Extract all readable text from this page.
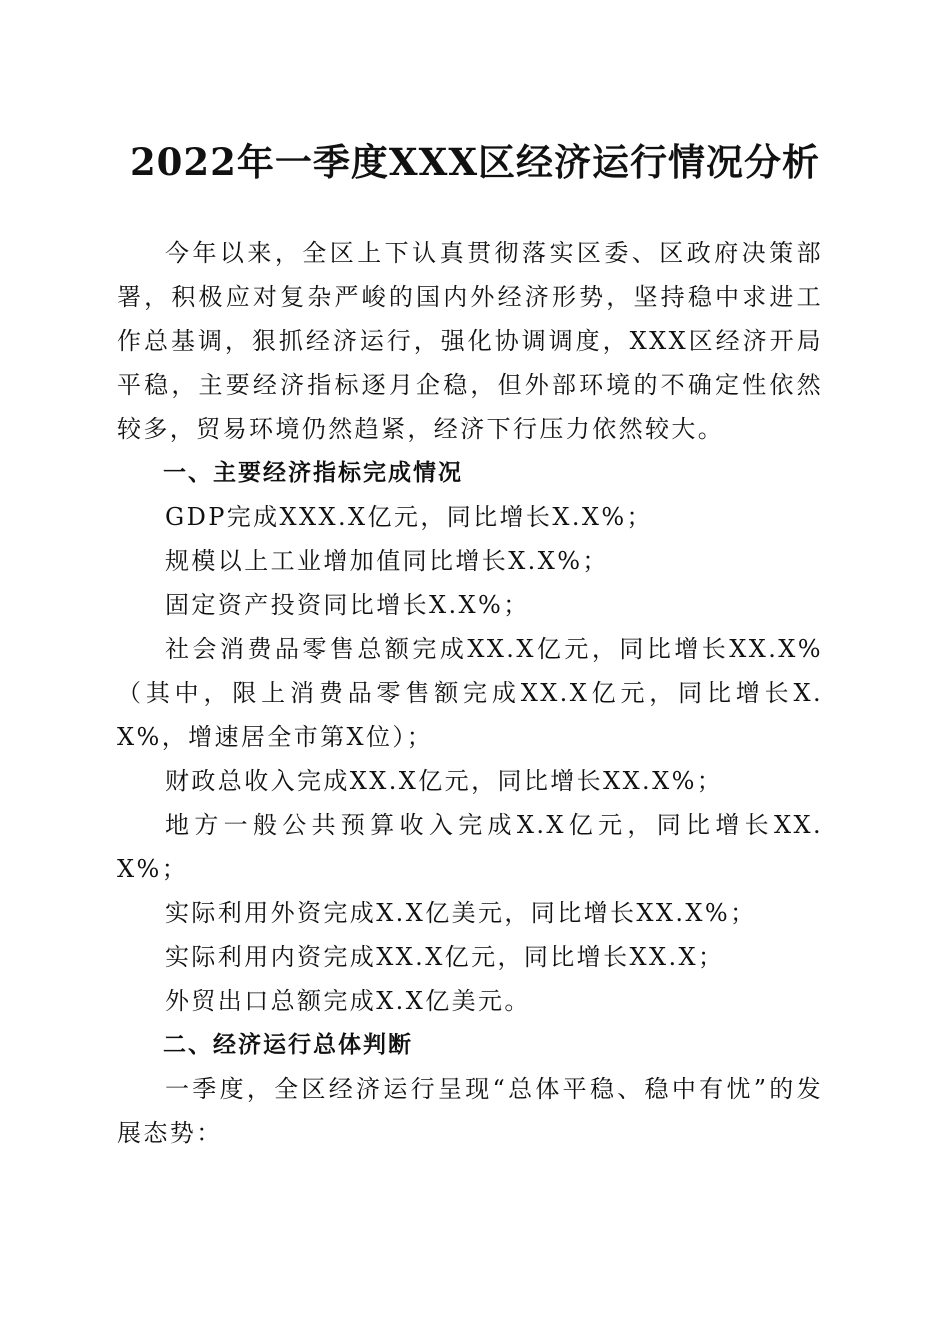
2022年一季度XXX区经济运行情况分析

今年以来，全区上下认真贯彻落实区委、区政府决策部署，积极应对复杂严峻的国内外经济形势，坚持稳中求进工作总基调，狠抓经济运行，强化协调调度，XXX区经济开局平稳，主要经济指标逐月企稳，但外部环境的不确定性依然较多，贸易环境仍然趋紧，经济下行压力依然较大。

一、主要经济指标完成情况

GDP完成XXX.X亿元，同比增长X.X%；

规模以上工业增加值同比增长X.X%；

固定资产投资同比增长X.X%；

社会消费品零售总额完成XX.X亿元，同比增长XX.X%（其中，限上消费品零售额完成XX.X亿元，同比增长X.X%，增速居全市第X位）；

财政总收入完成XX.X亿元，同比增长XX.X%；

地方一般公共预算收入完成X.X亿元，同比增长XX.X%；

实际利用外资完成X.X亿美元，同比增长XX.X%；

实际利用内资完成XX.X亿元，同比增长XX.X；

外贸出口总额完成X.X亿美元。

二、经济运行总体判断

一季度，全区经济运行呈现“总体平稳、稳中有忧”的发展态势：
